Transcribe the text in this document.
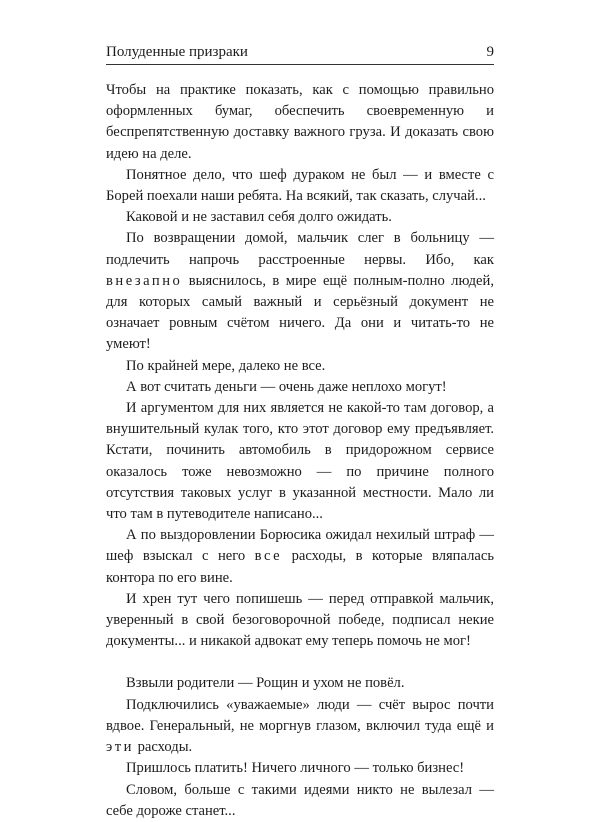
Полуденные призраки	9

Чтобы на практике показать, как с помощью правильно оформленных бумаг, обеспечить своевременную и беспрепятственную доставку важного груза. И доказать свою идею на деле.

Понятное дело, что шеф дураком не был — и вместе с Борей поехали наши ребята. На всякий, так сказать, случай...

Каковой и не заставил себя долго ожидать.

По возвращении домой, мальчик слег в больницу — подлечить напрочь расстроенные нервы. Ибо, как внезапно выяснилось, в мире ещё полным-полно людей, для которых самый важный и серьёзный документ не означает ровным счётом ничего. Да они и читать-то не умеют!

По крайней мере, далеко не все.

А вот считать деньги — очень даже неплохо могут!

И аргументом для них является не какой-то там договор, а внушительный кулак того, кто этот договор ему предъявляет. Кстати, починить автомобиль в придорожном сервисе оказалось тоже невозможно — по причине полного отсутствия таковых услуг в указанной местности. Мало ли что там в путеводителе написано...

А по выздоровлении Борюсика ожидал нехилый штраф — шеф взыскал с него все расходы, в которые вляпалась контора по его вине.

И хрен тут чего попишешь — перед отправкой мальчик, уверенный в свой безоговорочной победе, подписал некие документы... и никакой адвокат ему теперь помочь не мог!

Взвыли родители — Рощин и ухом не повёл.

Подключились «уважаемые» люди — счёт вырос почти вдвое. Генеральный, не моргнув глазом, включил туда ещё и эти расходы.

Пришлось платить! Ничего личного — только бизнес!

Словом, больше с такими идеями никто не вылезал — себе дороже станет...
